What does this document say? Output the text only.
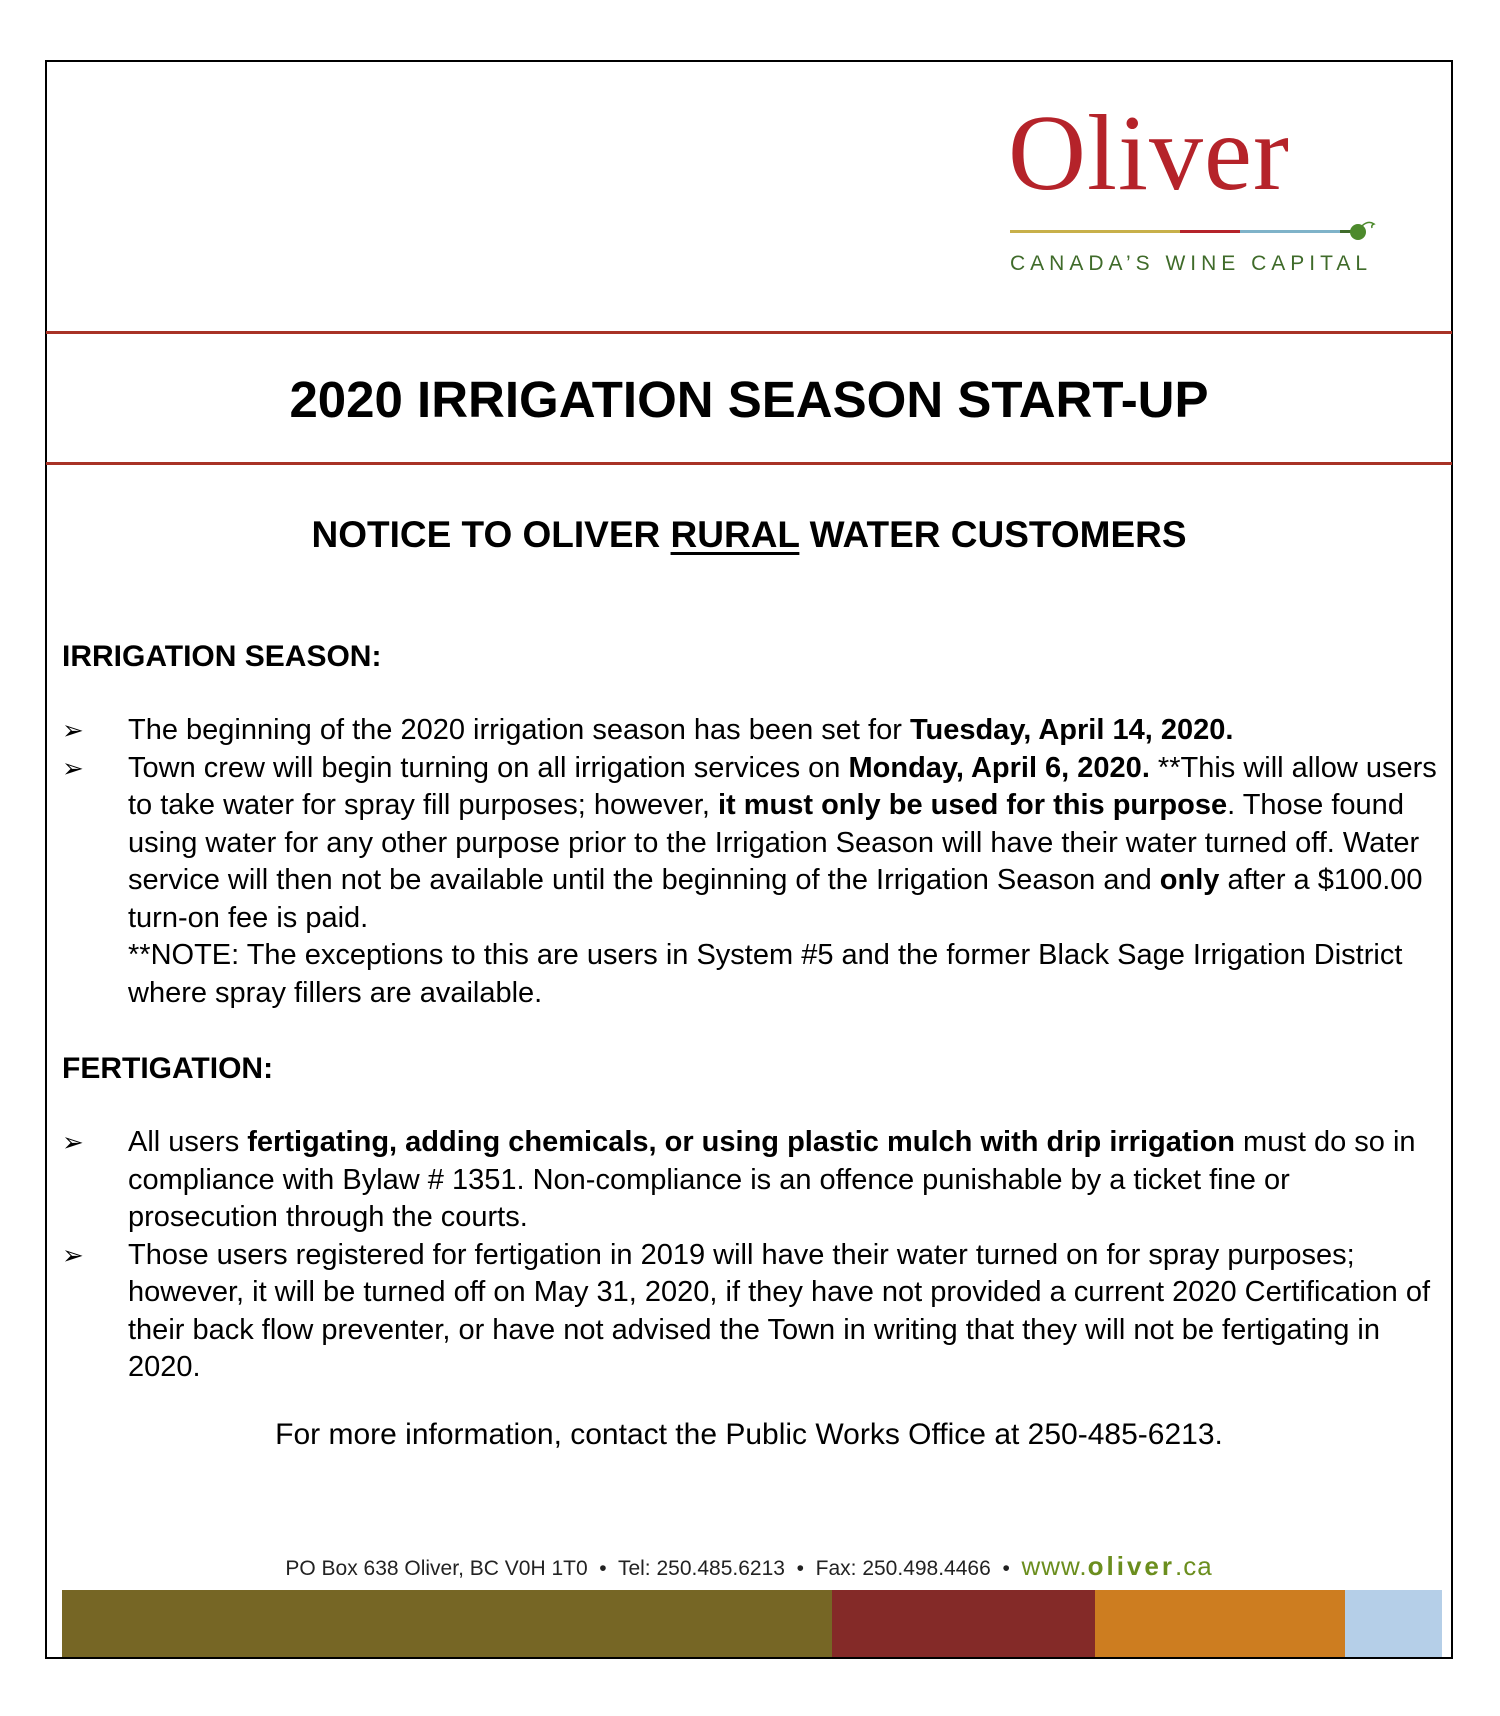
Oliver
CANADA’S WINE CAPITAL
2020 IRRIGATION SEASON START-UP
NOTICE TO OLIVER RURAL WATER CUSTOMERS
IRRIGATION SEASON:
➢ The beginning of the 2020 irrigation season has been set for Tuesday, April 14, 2020.
➢ Town crew will begin turning on all irrigation services on Monday, April 6, 2020. **This will allow users to take water for spray fill purposes; however, it must only be used for this purpose. Those found using water for any other purpose prior to the Irrigation Season will have their water turned off. Water service will then not be available until the beginning of the Irrigation Season and only after a $100.00 turn-on fee is paid.
**NOTE: The exceptions to this are users in System #5 and the former Black Sage Irrigation District where spray fillers are available.
FERTIGATION:
➢ All users fertigating, adding chemicals, or using plastic mulch with drip irrigation must do so in compliance with Bylaw # 1351. Non-compliance is an offence punishable by a ticket fine or prosecution through the courts.
➢ Those users registered for fertigation in 2019 will have their water turned on for spray purposes; however, it will be turned off on May 31, 2020, if they have not provided a current 2020 Certification of their back flow preventer, or have not advised the Town in writing that they will not be fertigating in 2020.
For more information, contact the Public Works Office at 250-485-6213.
PO Box 638 Oliver, BC V0H 1T0 • Tel: 250.485.6213 • Fax: 250.498.4466 • www.oliver.ca
